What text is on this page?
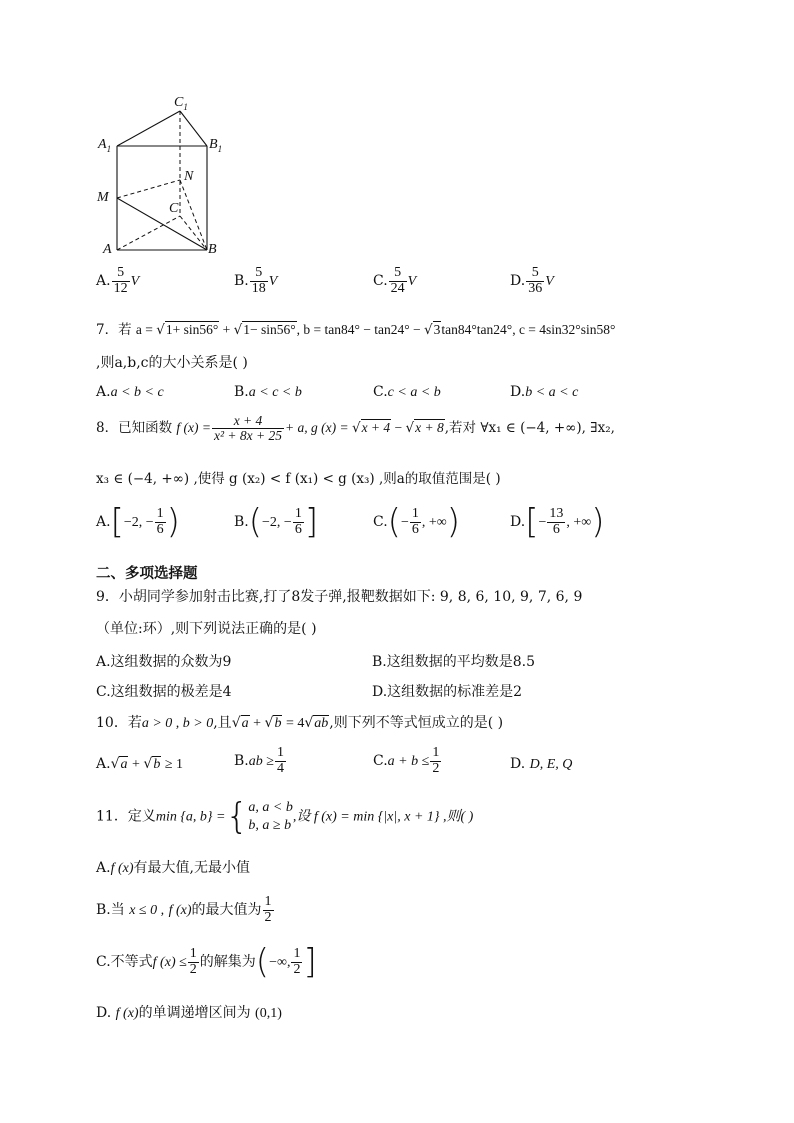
$C_1$
$A_1$	$B_1$
M
N
C
A	B
A. $\frac{5}{12}$ V	B. $\frac{5}{18}$ V	C. $\frac{5}{24}$ V	D. $\frac{5}{36}$ V
7．若 a = √1+ sin56° + √1− sin56°, b = tan84° − tan24° − √3tan84°tan24°, c = 4sin32°sin58°
,则a,b,c的大小关系是( )
A.a < b < c	B.a < c < b	C.c < a < b	D.b < a < c
8．已知函数 f $(x) = \frac{x + 4}{\text{x² + 8x + 25}} + a$, g (x) = √x + 4 − √x + 8,若对 ∀x₁ ∈ (−4, +∞), ∃x₂,
x₃ ∈ (−4, +∞) ,使得 g (x₂) < f (x₁) < g (x₃) ,则a的取值范围是( )
A.[−2, − $\frac{1}{6}$ )	B.(−2, − $\frac{1}{6}$ ]	$C.(- \frac{1}{6}$ , +∞)	$D.[- \frac{13}{6}$ , +∞)
二、多项选择题
9．小胡同学参加射击比赛,打了8发子弹,报靶数据如下: 9, 8, 6, 10, 9, 7, 6, 9
（单位:环）,则下列说法正确的是( )
A.这组数据的众数为9	B.这组数据的平均数是8.5
C.这组数据的极差是4	D.这组数据的标准差是2
10．若a > 0 , b > 0,且√a + √b = 4√ab,则下列不等式恒成立的是( )
A.√a + √b ≥ 1	$B.ab \ge \frac{1}{4}$	$C.a + b \le \frac{1}{2}$	D. D, E, Q
11．定义min {a, b} ={ a, a < b
b, a ≥ b
,设 f (x) = min {|x|, x + 1} ,则( )
A.f (x)有最大值,无最小值
B.当 x ≤ 0 , f (x)的最大值为 $\frac{1}{2}$
C.不等式f $(x) \le \frac{1}{2}$ 的解集为(−∞, $\frac{1}{2}$ ]
D. f (x)的单调递增区间为 (0,1)
